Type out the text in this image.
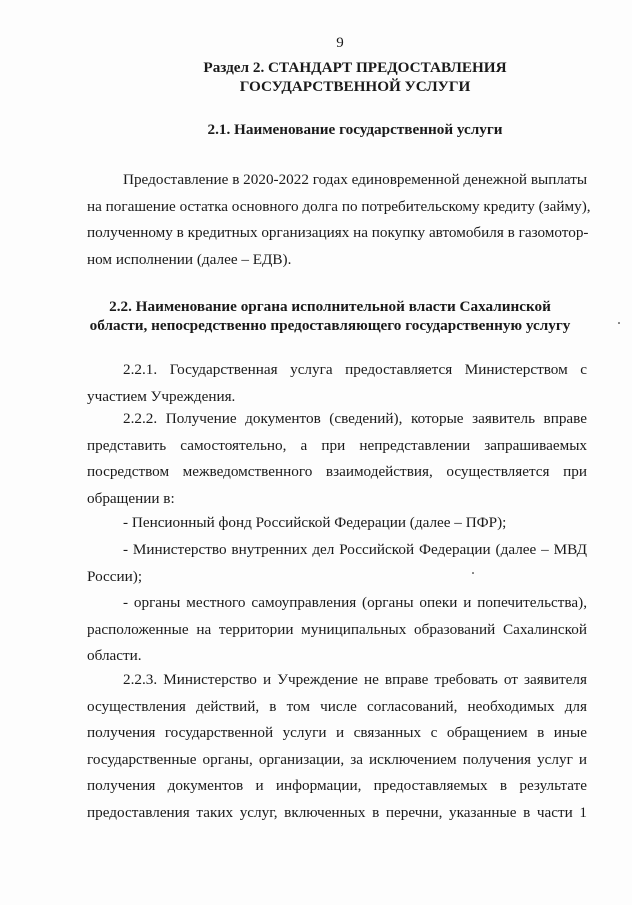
9
Раздел 2. СТАНДАРТ ПРЕДОСТАВЛЕНИЯ
ГОСУДАРСТВЕННОЙ УСЛУГИ
2.1. Наименование государственной услуги

Предоставление в 2020-2022 годах единовременной денежной выплаты
на погашение остатка основного долга по потребительскому кредиту (займу),
полученному в кредитных организациях на покупку автомобиля в газомотор-
ном исполнении (далее – ЕДВ).

2.2. Наименование органа исполнительной власти Сахалинской
области, непосредственно предоставляющего государственную услугу

2.2.1. Государственная услуга предоставляется Министерством с
участием Учреждения.

2.2.2. Получение документов (сведений), которые заявитель вправе
представить самостоятельно, а при непредставлении запрашиваемых
посредством межведомственного взаимодействия, осуществляется при
обращении в:

- Пенсионный фонд Российской Федерации (далее – ПФР);

- Министерство внутренних дел Российской Федерации (далее – МВД
России);

- органы местного самоуправления (органы опеки и попечительства),
расположенные на территории муниципальных образований Сахалинской
области.

2.2.3. Министерство и Учреждение не вправе требовать от заявителя
осуществления действий, в том числе согласований, необходимых для
получения государственной услуги и связанных с обращением в иные
государственные органы, организации, за исключением получения услуг и
получения документов и информации, предоставляемых в результате
предоставления таких услуг, включенных в перечни, указанные в части 1
